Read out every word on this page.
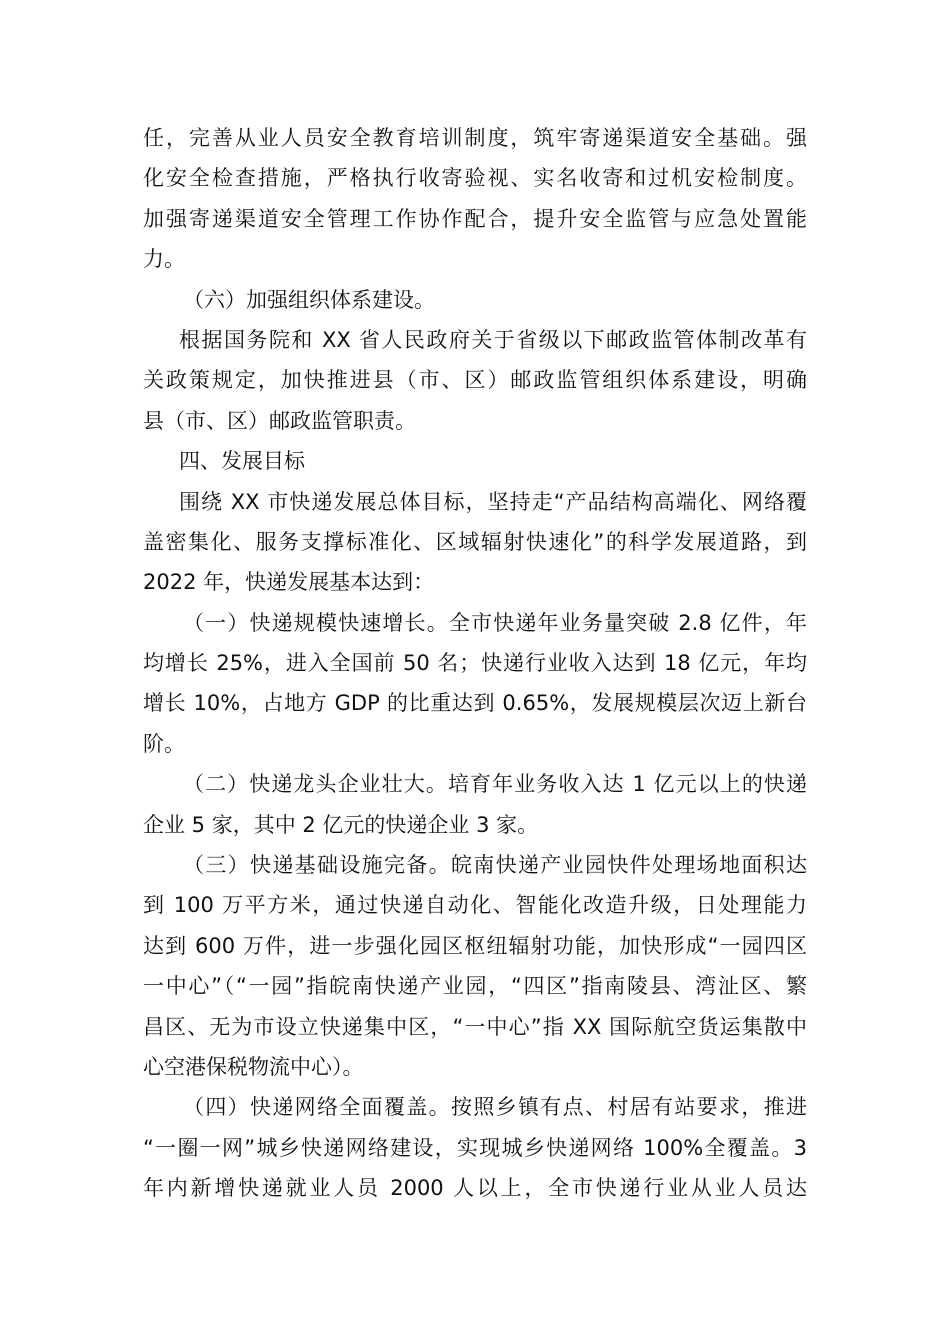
任，完善从业人员安全教育培训制度，筑牢寄递渠道安全基础。强
化安全检查措施，严格执行收寄验视、实名收寄和过机安检制度。
加强寄递渠道安全管理工作协作配合，提升安全监管与应急处置能
力。
（六）加强组织体系建设。
根据国务院和 XX 省人民政府关于省级以下邮政监管体制改革有
关政策规定，加快推进县（市、区）邮政监管组织体系建设，明确
县（市、区）邮政监管职责。
四、发展目标
围绕 XX 市快递发展总体目标，坚持走“产品结构高端化、网络覆
盖密集化、服务支撑标准化、区域辐射快速化”的科学发展道路，到
2022 年，快递发展基本达到：
（一）快递规模快速增长。全市快递年业务量突破 2.8 亿件，年
均增长 25%，进入全国前 50 名；快递行业收入达到 18 亿元，年均
增长 10%，占地方 GDP 的比重达到 0.65%，发展规模层次迈上新台
阶。
（二）快递龙头企业壮大。培育年业务收入达 1 亿元以上的快递
企业 5 家，其中 2 亿元的快递企业 3 家。
（三）快递基础设施完备。皖南快递产业园快件处理场地面积达
到 100 万平方米，通过快递自动化、智能化改造升级，日处理能力
达到 600 万件，进一步强化园区枢纽辐射功能，加快形成“一园四区
一中心”（“一园”指皖南快递产业园，“四区”指南陵县、湾沚区、繁
昌区、无为市设立快递集中区，“一中心”指 XX 国际航空货运集散中
心空港保税物流中心）。
（四）快递网络全面覆盖。按照乡镇有点、村居有站要求，推进
“一圈一网”城乡快递网络建设，实现城乡快递网络 100%全覆盖。3
年内新增快递就业人员 2000 人以上，全市快递行业从业人员达
